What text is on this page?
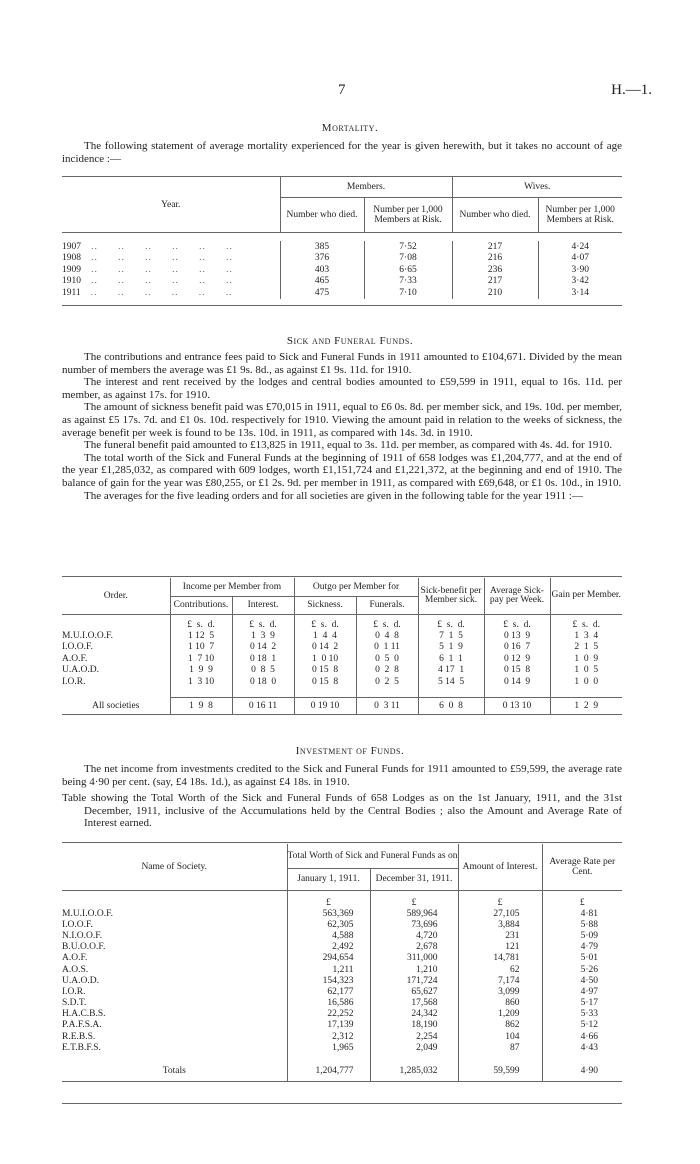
7	H.—1.
Mortality.

The following statement of average mortality experienced for the year is given herewith, but it takes no account of age incidence :—

Year.	Members.		Wives.	
	Number who died.	Number per 1,000 Members at Risk.	Number who died.	Number per 1,000 Members at Risk.

1907   ..      ..      ..      ..      ..      ..	385	7·52	217	4·24
1908   ..      ..      ..      ..      ..      ..	376	7·08	216	4·07
1909   ..      ..      ..      ..      ..      ..	403	6·65	236	3·90
1910   ..      ..      ..      ..      ..      ..	465	7·33	217	3·42
1911   ..      ..      ..      ..      ..      ..	475	7·10	210	3·14
Sick and Funeral Funds.

The contributions and entrance fees paid to Sick and Funeral Funds in 1911 amounted to £104,671. Divided by the mean number of members the average was £1 9s. 8d., as against £1 9s. 11d. for 1910.

The interest and rent received by the lodges and central bodies amounted to £59,599 in 1911, equal to 16s. 11d. per member, as against 17s. for 1910.

The amount of sickness benefit paid was £70,015 in 1911, equal to £6 0s. 8d. per member sick, and 19s. 10d. per member, as against £5 17s. 7d. and £1 0s. 10d. respectively for 1910. Viewing the amount paid in relation to the weeks of sickness, the average benefit per week is found to be 13s. 10d. in 1911, as compared with 14s. 3d. in 1910.

The funeral benefit paid amounted to £13,825 in 1911, equal to 3s. 11d. per member, as compared with 4s. 4d. for 1910.

The total worth of the Sick and Funeral Funds at the beginning of 1911 of 658 lodges was £1,204,777, and at the end of the year £1,285,032, as compared with 609 lodges, worth £1,151,724 and £1,221,372, at the beginning and end of 1910. The balance of gain for the year was £80,255, or £1 2s. 9d. per member in 1911, as compared with £69,648, or £1 0s. 10d., in 1910.

The averages for the five leading orders and for all societies are given in the following table for the year 1911 :—

Order.	Income per Member from		Outgo per Member for		Sick-benefit per Member sick.	Average Sick-pay per Week.	Gain per Member.
	Contributions.	Interest.	Sickness.	Funerals.			
	£  s.  d.	£  s.  d.	£  s.  d.	£  s.  d.	£  s.  d.	£  s.  d.	£  s.  d.
M.U.I.O.O.F.	1 12  5	1  3  9	1  4  4	0  4  8	7  1  5	0 13  9	1  3  4
I.O.O.F.	1 10  7	0 14  2	0 14  2	0  1 11	5  1  9	0 16  7	2  1  5
A.O.F.	1  7 10	0 18  1	1  0 10	0  5  0	6  1  1	0 12  9	1  0  9
U.A.O.D.	1  9  9	0  8  5	0 15  8	0  2  8	4 17  1	0 15  8	1  0  5
I.O.R.	1  3 10	0 18  0	0 15  8	0  2  5	5 14  5	0 14  9	1  0  0

All societies	1  9  8	0 16 11	0 19 10	0  3 11	6  0  8	0 13 10	1  2  9
Investment of Funds.

The net income from investments credited to the Sick and Funeral Funds for 1911 amounted to £59,599, the average rate being 4·90 per cent. (say, £4 18s. 1d.), as against £4 18s. in 1910.

Table showing the Total Worth of the Sick and Funeral Funds of 658 Lodges as on the 1st January, 1911, and the 31st December, 1911, inclusive of the Accumulations held by the Central Bodies ; also the Amount and Average Rate of Interest earned.

Name of Society.	Total Worth of Sick and Funeral Funds as on		Amount of Interest.	Average Rate per Cent.
	January 1, 1911.	December 31, 1911.		
	£	£	£	£
M.U.I.O.O.F.	563,369	589,964	27,105	4·81
I.O.O.F.	62,305	73,696	3,884	5·88
N.I.O.O.F.	4,588	4,720	231	5·09
B.U.O.O.F.	2,492	2,678	121	4·79
A.O.F.	294,654	311,000	14,781	5·01
A.O.S.	1,211	1,210	62	5·26
U.A.O.D.	154,323	171,724	7,174	4·50
I.O.R.	62,177	65,627	3,099	4·97
S.D.T.	16,586	17,568	860	5·17
H.A.C.B.S.	22,252	24,342	1,209	5·33
P.A.F.S.A.	17,139	18,190	862	5·12
R.E.B.S.	2,312	2,254	104	4·66
E.T.B.F.S.	1,965	2,049	87	4·43

Totals	1,204,777	1,285,032	59,599	4·90
